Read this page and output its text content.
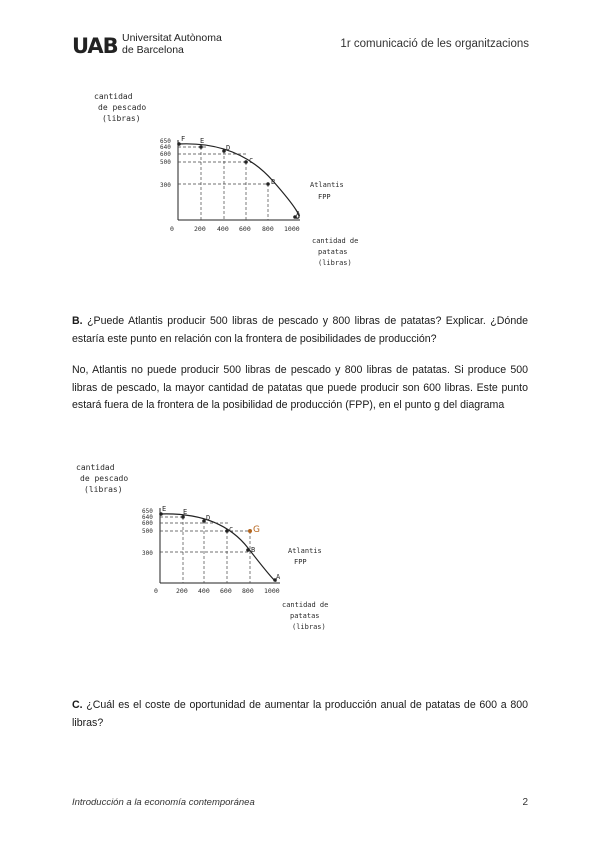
UAB Universitat Autònoma
de Barcelona	1r comunicació de les organitzacions
cantidad
de pescado
(libras)
F E
D
C
B
A
650
640
600
500
300
0	200 400 600 800 1000
Atlantis
FPP
cantidad de
patatas
(libras)
B. ¿Puede Atlantis producir 500 libras de pescado y 800 libras de patatas? Explicar. ¿Dónde estaría este punto en relación con la frontera de posibilidades de producción?
No, Atlantis no puede producir 500 libras de pescado y 800 libras de patatas. Si produce 500 libras de pescado, la mayor cantidad de patatas que puede producir son 600 libras. Este punto estará fuera de la frontera de la posibilidad de producción (FPP), en el punto g del diagrama
cantidad
de pescado
(libras)
E E
D
C
B
A
G
650
640
600
500
300
0	200 400 600 800 1000
Atlantis
FPP
cantidad de
patatas
(libras)
C. ¿Cuál es el coste de oportunidad de aumentar la producción anual de patatas de 600 a 800 libras?
Introducción a la economía contemporánea	2
